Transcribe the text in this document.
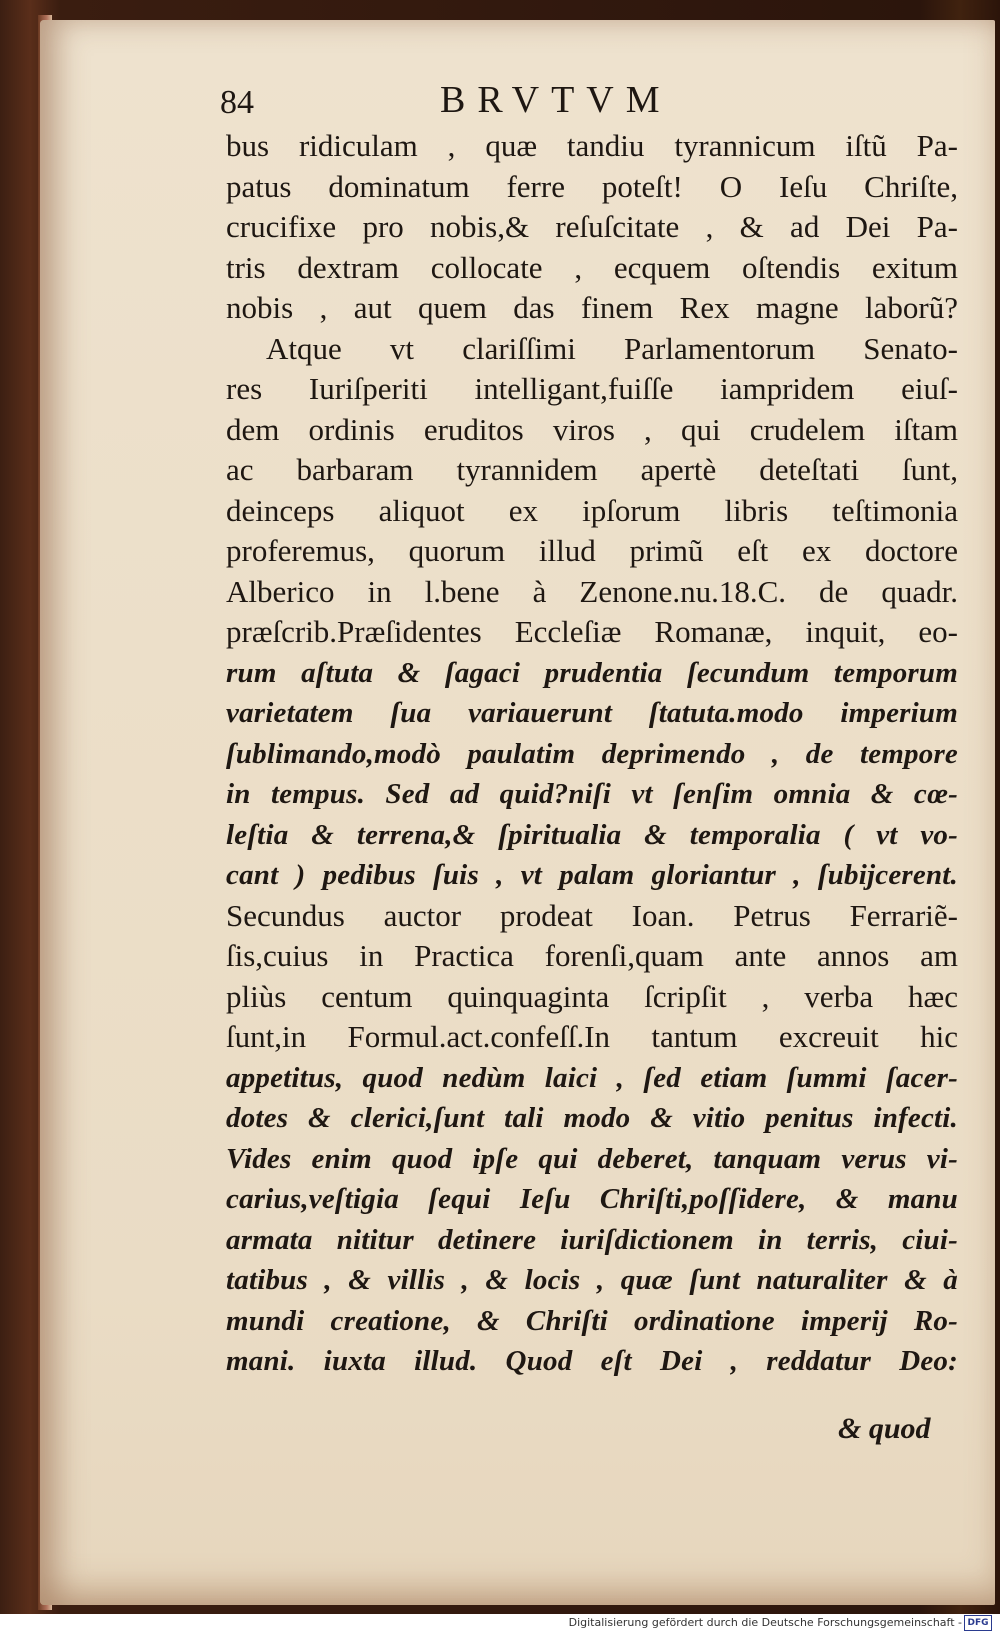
84	BRVTVM
bus ridiculam , quæ tandiu tyrannicum iſtũ Pa-
patus dominatum ferre poteſt! O Ieſu Chriſte,
crucifixe pro nobis,& reſuſcitate , & ad Dei Pa-
tris dextram collocate , ecquem oſtendis exitum
nobis , aut quem das finem Rex magne laborũ?
Atque vt clariſſimi Parlamentorum Senato-
res Iuriſperiti intelligant,fuiſſe iampridem eiuſ-
dem ordinis eruditos viros , qui crudelem iſtam
ac barbaram tyrannidem apertè deteſtati ſunt,
deinceps aliquot ex ipſorum libris teſtimonia
proferemus, quorum illud primũ eſt ex doctore
Alberico in l.bene à Zenone.nu.18.C. de quadr.
præſcrib.Præſidentes Eccleſiæ Romanæ, inquit, eo-
rum aſtuta & ſagaci prudentia ſecundum temporum
varietatem ſua variauerunt ſtatuta.modo imperium
ſublimando,modò paulatim deprimendo , de tempore
in tempus. Sed ad quid?niſi vt ſenſim omnia & cœ-
leſtia & terrena,& ſpiritualia & temporalia ( vt vo-
cant ) pedibus ſuis , vt palam gloriantur , ſubijcerent.
Secundus auctor prodeat Ioan. Petrus Ferrariẽ-
ſis,cuius in Practica forenſi,quam ante annos am
pliùs centum quinquaginta ſcripſit , verba hæc
ſunt,in Formul.act.confeſſ.In tantum excreuit hic
appetitus, quod nedùm laici , ſed etiam ſummi ſacer-
dotes & clerici,ſunt tali modo & vitio penitus infecti.
Vides enim quod ipſe qui deberet, tanquam verus vi-
carius,veſtigia ſequi Ieſu Chriſti,poſſidere, & manu
armata nititur detinere iuriſdictionem in terris, ciui-
tatibus , & villis , & locis , quæ ſunt naturaliter & à
mundi creatione, & Chriſti ordinatione imperij Ro-
mani. iuxta illud. Quod eſt Dei , reddatur Deo:
& quod
Digitalisierung gefördert durch die Deutsche Forschungsgemeinschaft - DFG
